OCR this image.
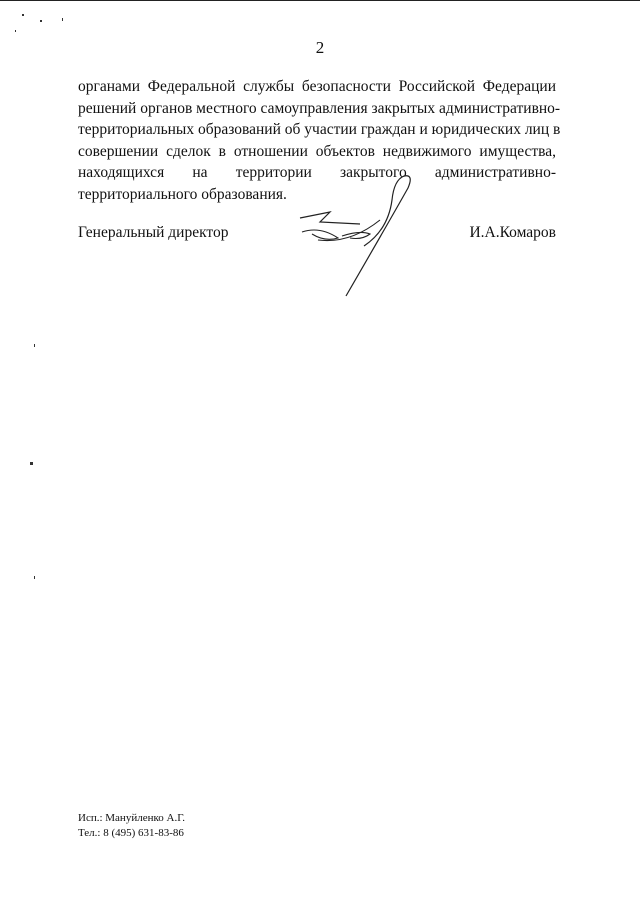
2

органами Федеральной службы безопасности Российской Федерации
решений органов местного самоуправления закрытых административно-
территориальных образований об участии граждан и юридических лиц в
совершении сделок в отношении объектов недвижимого имущества,
находящихся на территории закрытого административно-
территориального образования.

Генеральный директор	И.А.Комаров
Исп.: Мануйленко А.Г.
Тел.: 8 (495) 631-83-86
